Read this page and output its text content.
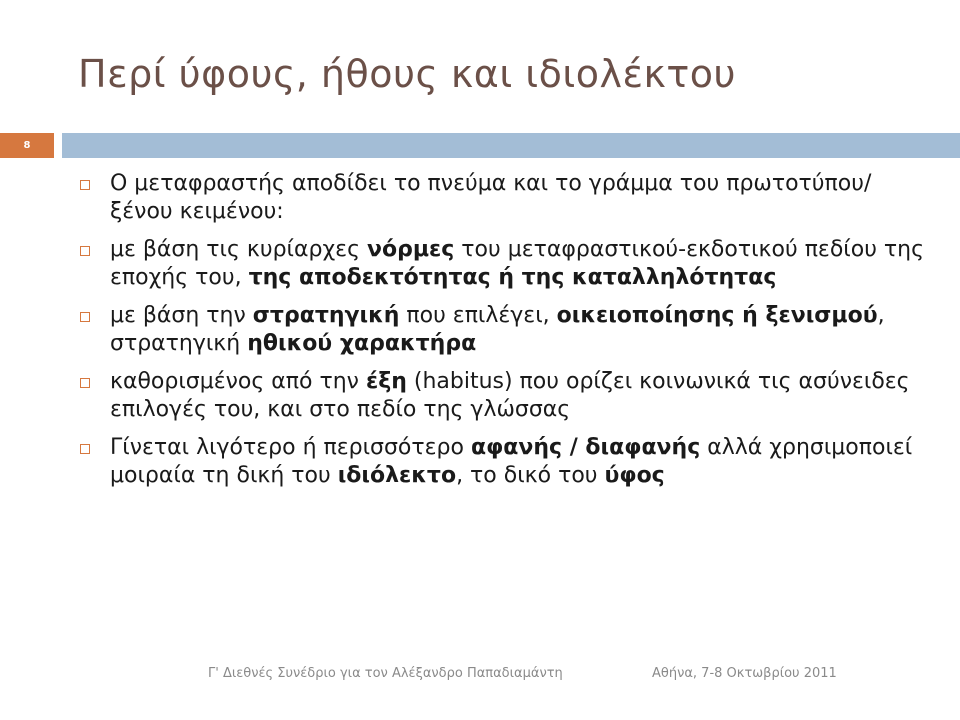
Περί ύφους, ήθους και ιδιολέκτου
8
Ο μεταφραστής αποδίδει το πνεύμα και το γράμμα του πρωτοτύπου/ξένου κειμένου:
με βάση τις κυρίαρχες νόρμες του μεταφραστικού-εκδοτικού πεδίου της εποχής του, της αποδεκτότητας ή της καταλληλότητας
με βάση την στρατηγική που επιλέγει, οικειοποίησης ή ξενισμού, στρατηγική ηθικού χαρακτήρα
καθορισμένος από την έξη (habitus) που ορίζει κοινωνικά τις ασύνειδες επιλογές του, και στο πεδίο της γλώσσας
Γίνεται λιγότερο ή περισσότερο αφανής / διαφανής αλλά χρησιμοποιεί μοιραία τη δική του ιδιόλεκτο, το δικό του ύφος
Γ' Διεθνές Συνέδριο για τον Αλέξανδρο Παπαδιαμάντη	Αθήνα, 7-8 Οκτωβρίου 2011
